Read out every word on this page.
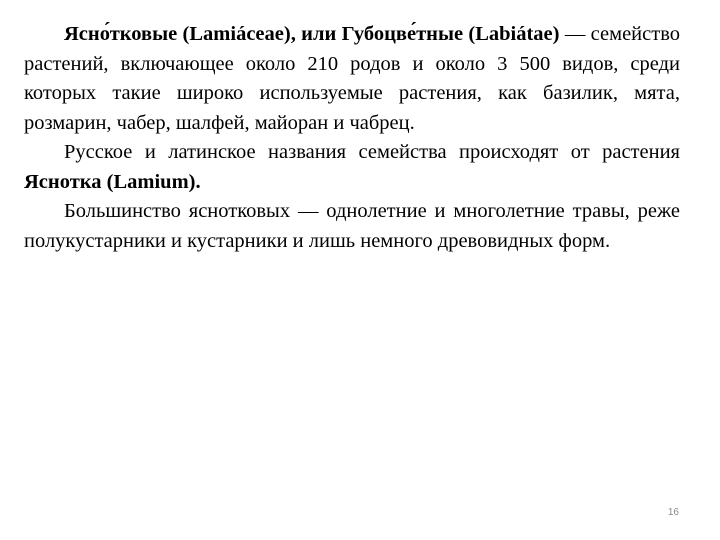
Ясно́тковые (Lamiáceae), или Губоцве́тные (Labiátae) — семейство растений, включающее около 210 родов и около 3 500 видов, среди которых такие широко используемые растения, как базилик, мята, розмарин, чабер, шалфей, майоран и чабрец.

Русское и латинское названия семейства происходят от растения Яснотка (Lamium).

Большинство яснотковых — однолетние и многолетние травы, реже полукустарники и кустарники и лишь немного древовидных форм.

16
